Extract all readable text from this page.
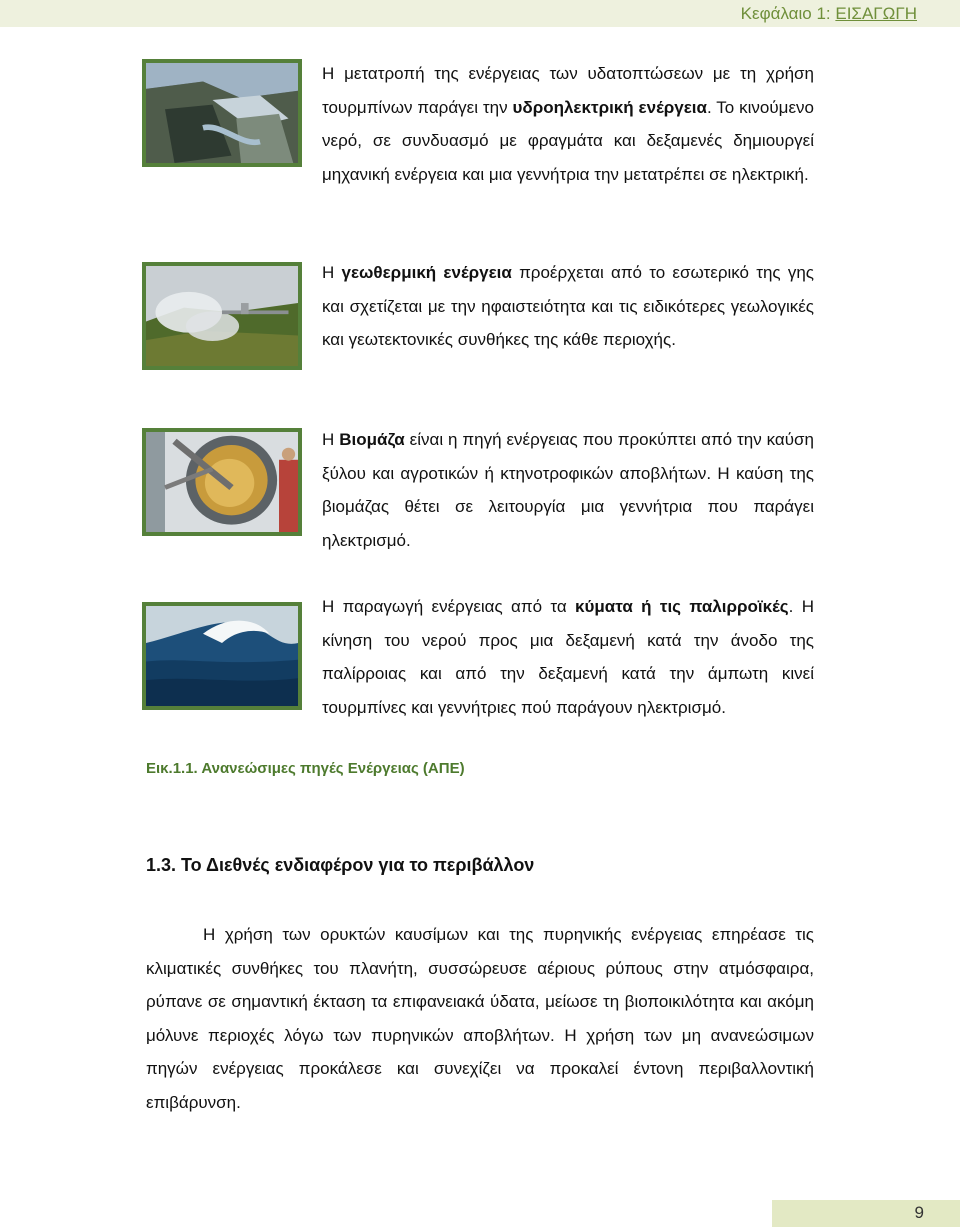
Κεφάλαιο 1: ΕΙΣΑΓΩΓΗ

Η μετατροπή της ενέργειας των υδατοπτώσεων με τη χρήση τουρμπίνων παράγει την υδροηλεκτρική ενέργεια. Το κινούμενο νερό, σε συνδυασμό με φραγμάτα και δεξαμενές δημιουργεί μηχανική ενέργεια και μια γεννήτρια την μετατρέπει σε ηλεκτρική.

Η γεωθερμική ενέργεια προέρχεται από το εσωτερικό της γης και σχετίζεται με την ηφαιστειότητα και τις ειδικότερες γεωλογικές και γεωτεκτονικές συνθήκες της κάθε περιοχής.

Η Βιομάζα είναι η πηγή ενέργειας που προκύπτει από την καύση ξύλου και αγροτικών ή κτηνοτροφικών αποβλήτων. Η καύση της βιομάζας θέτει σε λειτουργία μια γεννήτρια που παράγει ηλεκτρισμό.

Η παραγωγή ενέργειας από τα κύματα ή τις παλιρροϊκές. Η κίνηση του νερού προς μια δεξαμενή κατά την άνοδο της παλίρροιας και από την δεξαμενή κατά την άμπωτη κινεί τουρμπίνες και γεννήτριες πού παράγουν ηλεκτρισμό.

Εικ.1.1. Ανανεώσιμες πηγές Ενέργειας (ΑΠΕ)
1.3. Το Διεθνές ενδιαφέρον για το περιβάλλον

Η χρήση των ορυκτών καυσίμων και της πυρηνικής ενέργειας επηρέασε τις κλιματικές συνθήκες του πλανήτη, συσσώρευσε αέριους ρύπους στην ατμόσφαιρα, ρύπανε σε σημαντική έκταση τα επιφανειακά ύδατα, μείωσε τη βιοποικιλότητα και ακόμη μόλυνε περιοχές λόγω των πυρηνικών αποβλήτων. Η χρήση των μη ανανεώσιμων πηγών ενέργειας προκάλεσε και συνεχίζει να προκαλεί έντονη περιβαλλοντική επιβάρυνση.

9
